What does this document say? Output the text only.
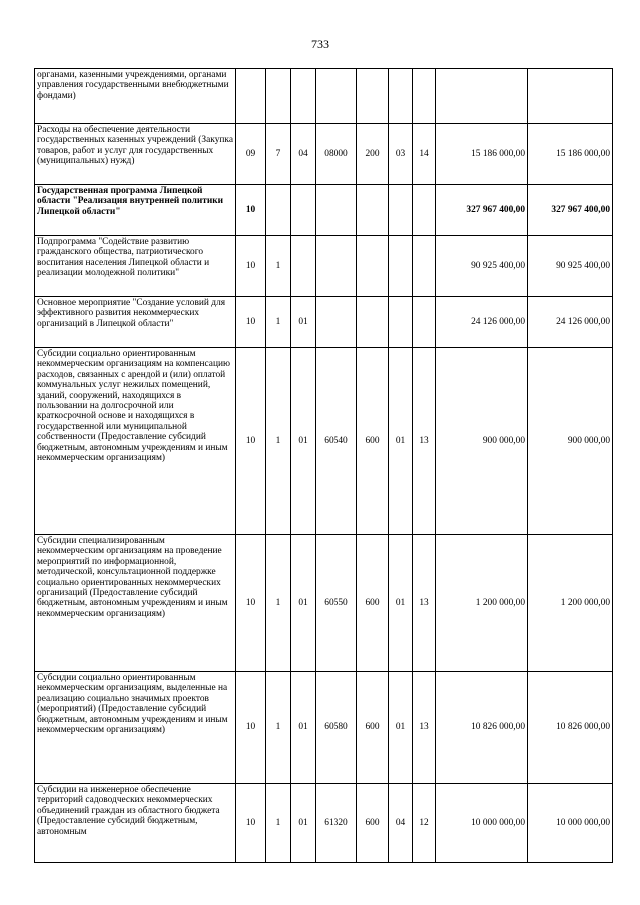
733
органами, казенными учреждениями, органами управления государственными внебюджетными фондами)									
Расходы на обеспечение деятельности государственных казенных учреждений (Закупка товаров, работ и услуг для государственных (муниципальных) нужд)	09	7	04	08000	200	03	14	15 186 000,00	15 186 000,00
Государственная программа Липецкой области "Реализация внутренней политики Липецкой области"	10							327 967 400,00	327 967 400,00
Подпрограмма "Содействие развитию гражданского общества, патриотического воспитания населения Липецкой области и реализации молодежной политики"	10	1						90 925 400,00	90 925 400,00
Основное мероприятие "Создание условий для эффективного развития некоммерческих организаций в Липецкой области"	10	1	01					24 126 000,00	24 126 000,00
Субсидии социально ориентированным некоммерческим организациям на компенсацию расходов, связанных с арендой и (или) оплатой коммунальных услуг нежилых помещений, зданий, сооружений, находящихся в пользовании на долгосрочной или краткосрочной основе и находящихся в государственной или муниципальной собственности (Предоставление субсидий бюджетным, автономным учреждениям и иным некоммерческим организациям)	10	1	01	60540	600	01	13	900 000,00	900 000,00
Субсидии специализированным некоммерческим организациям на проведение мероприятий по информационной, методической, консультационной поддержке социально ориентированных некоммерческих организаций (Предоставление субсидий бюджетным, автономным учреждениям и иным некоммерческим организациям)	10	1	01	60550	600	01	13	1 200 000,00	1 200 000,00
Субсидии социально ориентированным некоммерческим организациям, выделенные на реализацию социально значимых проектов (мероприятий) (Предоставление субсидий бюджетным, автономным учреждениям и иным некоммерческим организациям)	10	1	01	60580	600	01	13	10 826 000,00	10 826 000,00
Субсидии на инженерное обеспечение территорий садоводческих некоммерческих объединений граждан из областного бюджета (Предоставление субсидий бюджетным, автономным	10	1	01	61320	600	04	12	10 000 000,00	10 000 000,00
